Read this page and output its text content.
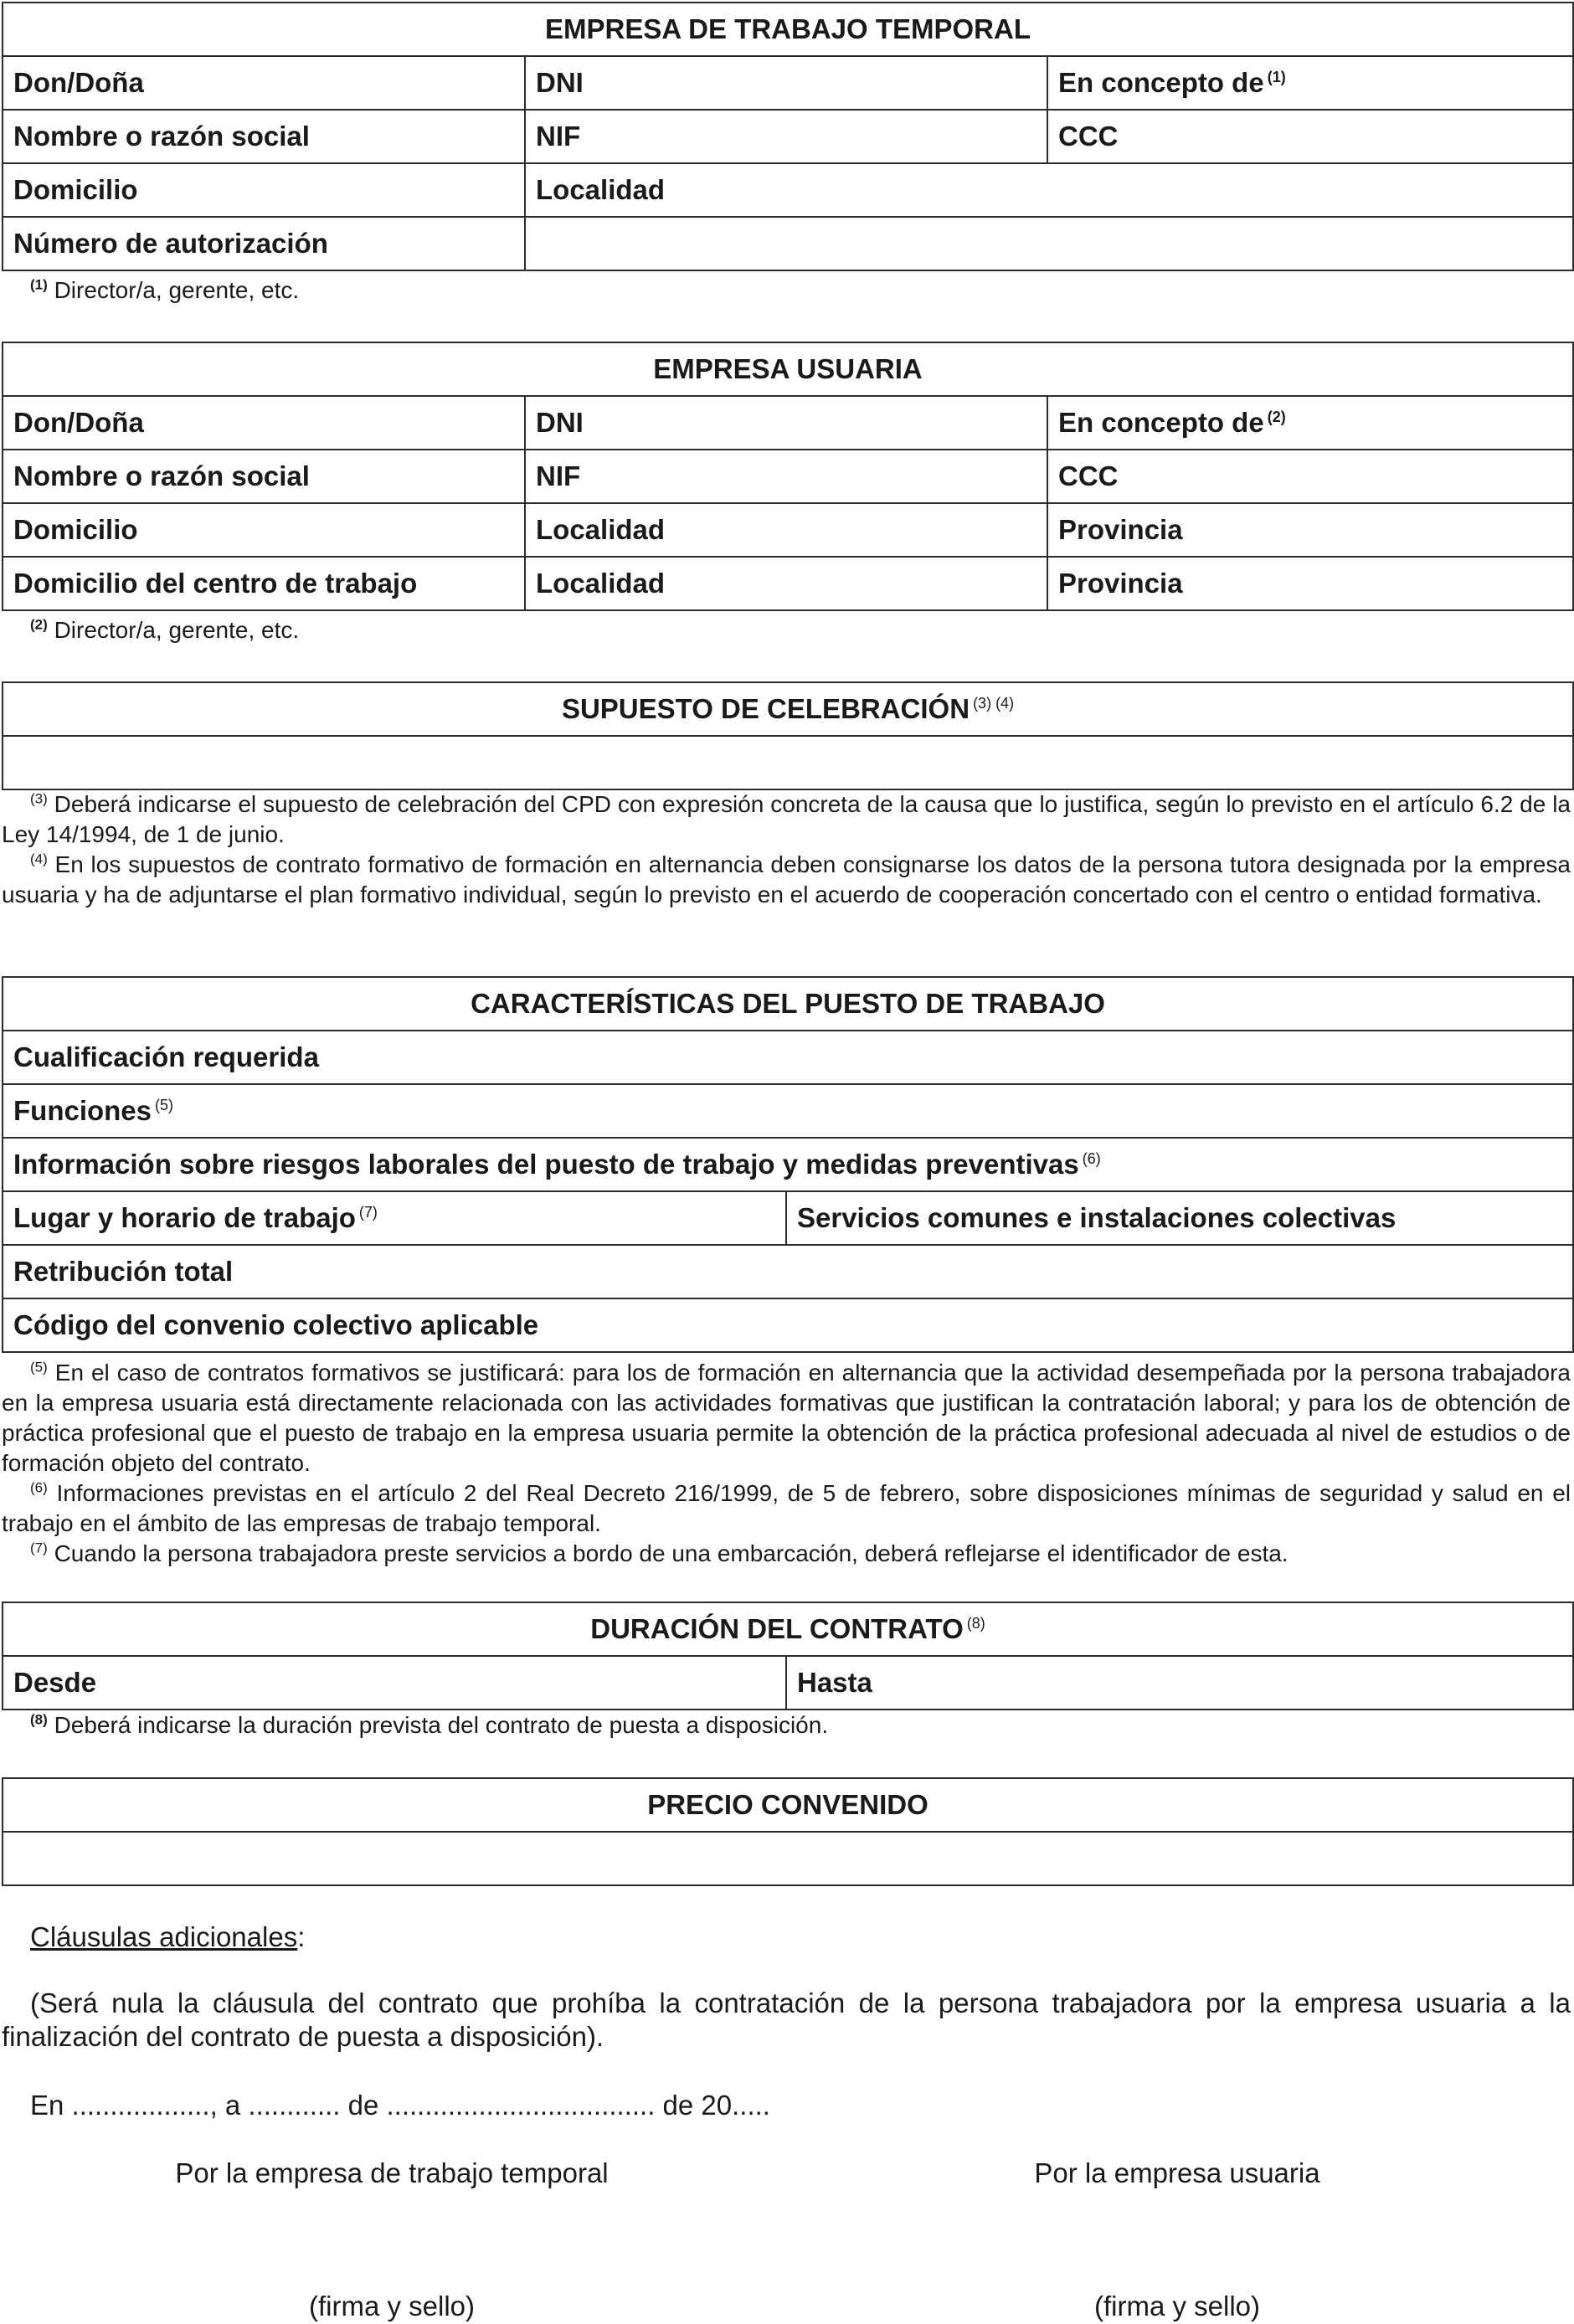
EMPRESA DE TRABAJO TEMPORAL		
Don/Doña	DNI	En concepto de $^{(1)}$
Nombre o razón social	NIF	CCC
Domicilio	Localidad	
Número de autorización		

$^{(1)}$ Director/a, gerente, etc.

EMPRESA USUARIA		
Don/Doña	DNI	En concepto de $^{(2)}$
Nombre o razón social	NIF	CCC
Domicilio	Localidad	Provincia
Domicilio del centro de trabajo	Localidad	Provincia

$^{(2)}$ Director/a, gerente, etc.

SUPUESTO DE CELEBRACIÓN $^{(3) (4)}$

$^{(3)}$ Deberá indicarse el supuesto de celebración del CPD con expresión concreta de la causa que lo justifica, según lo previsto en el artículo 6.2 de la Ley 14/1994, de 1 de junio.

$^{(4)}$ En los supuestos de contrato formativo de formación en alternancia deben consignarse los datos de la persona tutora designada por la empresa usuaria y ha de adjuntarse el plan formativo individual, según lo previsto en el acuerdo de cooperación concertado con el centro o entidad formativa.

CARACTERÍSTICAS DEL PUESTO DE TRABAJO
Cualificación requerida
Funciones $^{(5)}$
Información sobre riesgos laborales del puesto de trabajo y medidas preventivas $^{(6)}$
Lugar y horario de trabajo $^{(7)}$	Servicios comunes e instalaciones colectivas
Retribución total
Código del convenio colectivo aplicable

$^{(5)}$ En el caso de contratos formativos se justificará: para los de formación en alternancia que la actividad desempeñada por la persona trabajadora en la empresa usuaria está directamente relacionada con las actividades formativas que justifican la contratación laboral; y para los de obtención de práctica profesional que el puesto de trabajo en la empresa usuaria permite la obtención de la práctica profesional adecuada al nivel de estudios o de formación objeto del contrato.

$^{(6)}$ Informaciones previstas en el artículo 2 del Real Decreto 216/1999, de 5 de febrero, sobre disposiciones mínimas de seguridad y salud en el trabajo en el ámbito de las empresas de trabajo temporal.

$^{(7)}$ Cuando la persona trabajadora preste servicios a bordo de una embarcación, deberá reflejarse el identificador de esta.

DURACIÓN DEL CONTRATO $^{(8)}$
Desde	Hasta

$^{(8)}$ Deberá indicarse la duración prevista del contrato de puesta a disposición.

PRECIO CONVENIDO

Cláusulas adicionales:
(Será nula la cláusula del contrato que prohíba la contratación de la persona trabajadora por la empresa usuaria a la finalización del contrato de puesta a disposición).
En .................., a ............ de ................................... de 20.....
Por la empresa de trabajo temporal	Por la empresa usuaria
(firma y sello)	(firma y sello)
